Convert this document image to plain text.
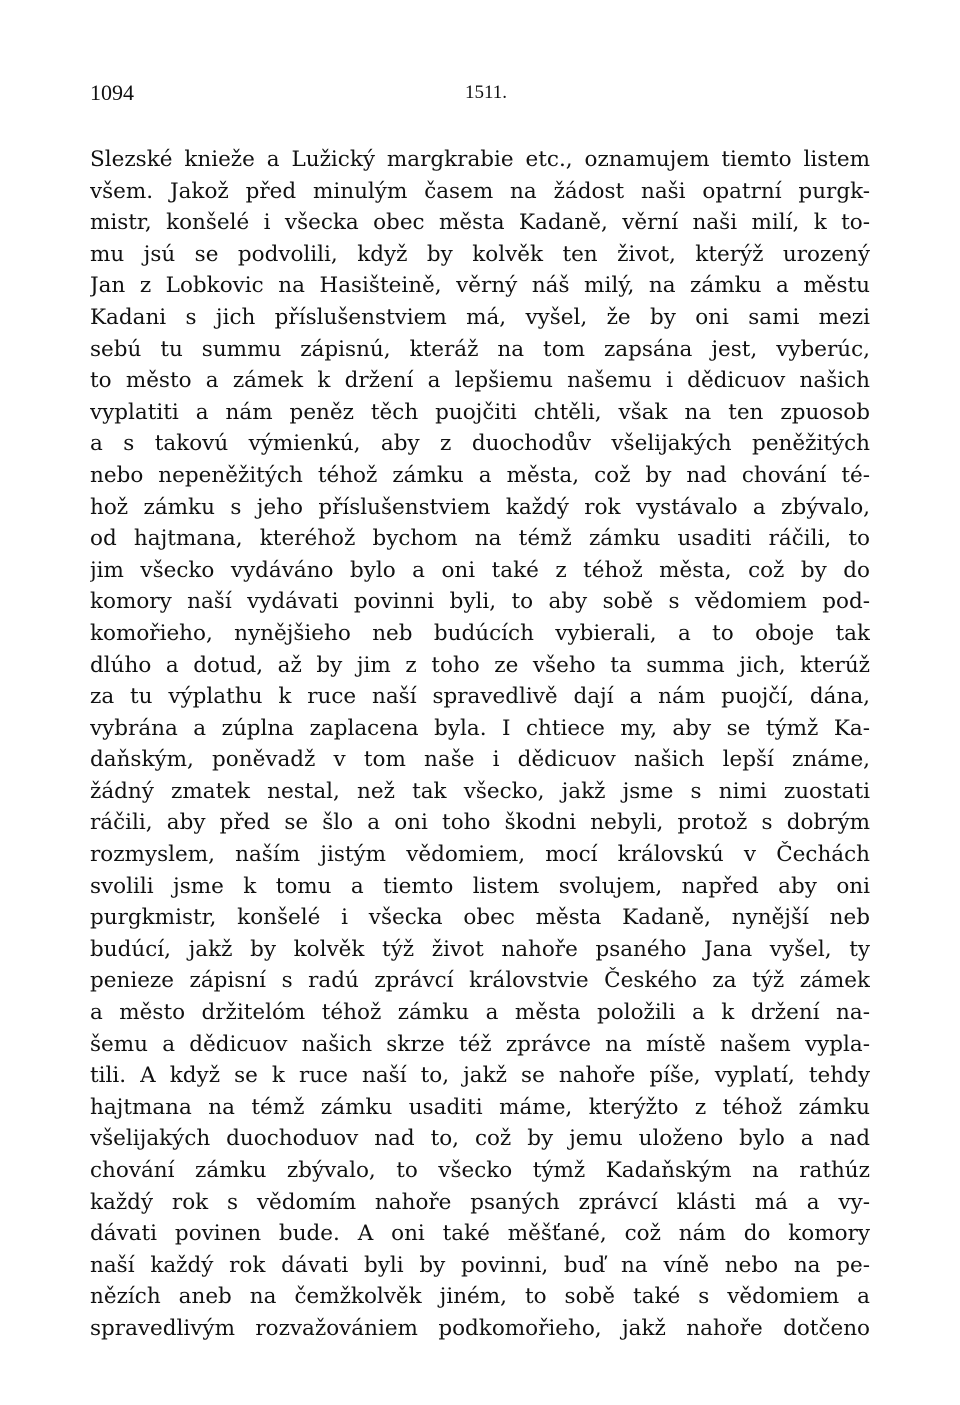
1094	1511.
Slezské knieže a Lužický margkrabie etc., oznamujem tiemto listem
všem. Jakož před minulým časem na žádost naši opatrní purgk-
mistr, konšelé i všecka obec města Kadaně, věrní naši milí, k to-
mu jsú se podvolili, když by kolvěk ten život, kterýž urozený
Jan z Lobkovic na Hasišteině, věrný náš milý, na zámku a městu
Kadani s jich příslušenstviem má, vyšel, že by oni sami mezi
sebú tu summu zápisnú, kteráž na tom zapsána jest, vyberúc,
to město a zámek k držení a lepšiemu našemu i dědicuov našich
vyplatiti a nám peněz těch puojčiti chtěli, však na ten zpuosob
a s takovú výmienkú, aby z duochodův všelijakých peněžitých
nebo nepeněžitých téhož zámku a města, což by nad chování té-
hož zámku s jeho příslušenstviem každý rok vystávalo a zbývalo,
od hajtmana, kteréhož bychom na témž zámku usaditi ráčili, to
jim všecko vydáváno bylo a oni také z téhož města, což by do
komory naší vydávati povinni byli, to aby sobě s vědomiem pod-
komořieho, nynějšieho neb budúcích vybierali, a to oboje tak
dlúho a dotud, až by jim z toho ze všeho ta summa jich, kterúž
za tu výplathu k ruce naší spravedlivě dají a nám puojčí, dána,
vybrána a zúplna zaplacena byla. I chtiece my, aby se týmž Ka-
daňským, poněvadž v tom naše i dědicuov našich lepší známe,
žádný zmatek nestal, než tak všecko, jakž jsme s nimi zuostati
ráčili, aby před se šlo a oni toho škodni nebyli, protož s dobrým
rozmyslem, naším jistým vědomiem, mocí královskú v Čechách
svolili jsme k tomu a tiemto listem svolujem, napřed aby oni
purgkmistr, konšelé i všecka obec města Kadaně, nynější neb
budúcí, jakž by kolvěk týž život nahoře psaného Jana vyšel, ty
penieze zápisní s radú zprávcí královstvie Českého za týž zámek
a město držitelóm téhož zámku a města položili a k držení na-
šemu a dědicuov našich skrze též zprávce na místě našem vypla-
tili. A když se k ruce naší to, jakž se nahoře píše, vyplatí, tehdy
hajtmana na témž zámku usaditi máme, kterýžto z téhož zámku
všelijakých duochoduov nad to, což by jemu uloženo bylo a nad
chování zámku zbývalo, to všecko týmž Kadaňským na rathúz
každý rok s vědomím nahoře psaných zprávcí klásti má a vy-
dávati povinen bude. A oni také měšťané, což nám do komory
naší každý rok dávati byli by povinni, buď na víně nebo na pe-
nězích aneb na čemžkolvěk jiném, to sobě také s vědomiem a
spravedlivým rozvažovániem podkomořieho, jakž nahoře dotčeno
